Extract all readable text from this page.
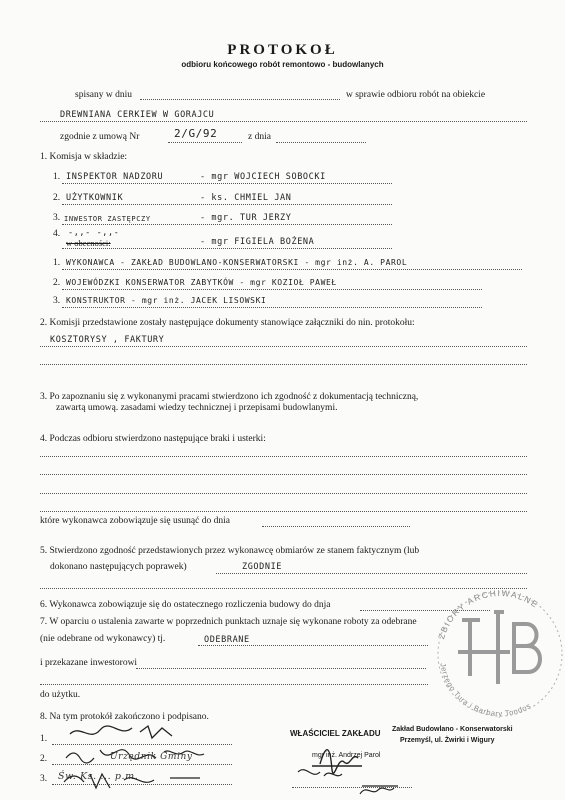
PROTOKOŁ
odbioru końcowego robót remontowo - budowlanych
spisany w dniu	w sprawie odbioru robót na obiekcie
DREWNIANA CERKIEW W GORAJCU
zgodnie z umową Nr	2/G/92	z dnia
1. Komisja w składzie:
1. INSPEKTOR NADZORU	- mgr WOJCIECH SOBOCKI
2. UŻYTKOWNIK	- ks. CHMIEL JAN
3. INWESTOR ZASTĘPCZY	- mgr. TUR JERZY
4. -,,- -,,-
w obecności:	- mgr FIGIELA BOŻENA
1. WYKONAWCA - ZAKŁAD BUDOWLANO-KONSERWATORSKI - mgr inż. A. PAROL
2. WOJEWÓDZKI KONSERWATOR ZABYTKÓW - mgr KOZIOŁ PAWEŁ
3. KONSTRUKTOR - mgr inż. JACEK LISOWSKI
2. Komisji przedstawione zostały następujące dokumenty stanowiące załączniki do nin. protokołu:
KOSZTORYSY , FAKTURY
3. Po zapoznaniu się z wykonanymi pracami stwierdzono ich zgodność z dokumentacją techniczną,
zawartą umową. zasadami wiedzy technicznej i przepisami budowlanymi.
4. Podczas odbioru stwierdzono następujące braki i usterki:
które wykonawca zobowiązuje się usunąć do dnia
5. Stwierdzono zgodność przedstawionych przez wykonawcę obmiarów ze stanem faktycznym (lub
dokonano następujących poprawek)	ZGODNIE
6. Wykonawca zobowiązuje się do ostatecznego rozliczenia budowy do dnja
7. W oparciu o ustalenia zawarte w poprzednich punktach uznaje się wykonane roboty za odebrane
(nie odebrane od wykonawcy) tj.	ODEBRANE
i przekazane inwestorowi
do użytku.
8. Na tym protokół zakończono i podpisano.
1.
2.
3.
Urzędnik Gminy
Św. Ks. ... p.m.
WŁAŚCICIEL ZAKŁADU Zakład Budowlano - Konserwatorski
Przemyśl, ul. Żwirki i Wigury
mgr inż. Andrzej Parol
ZBIORY ARCHIWALNE
Jerzego Tura i Barbary Tondos
